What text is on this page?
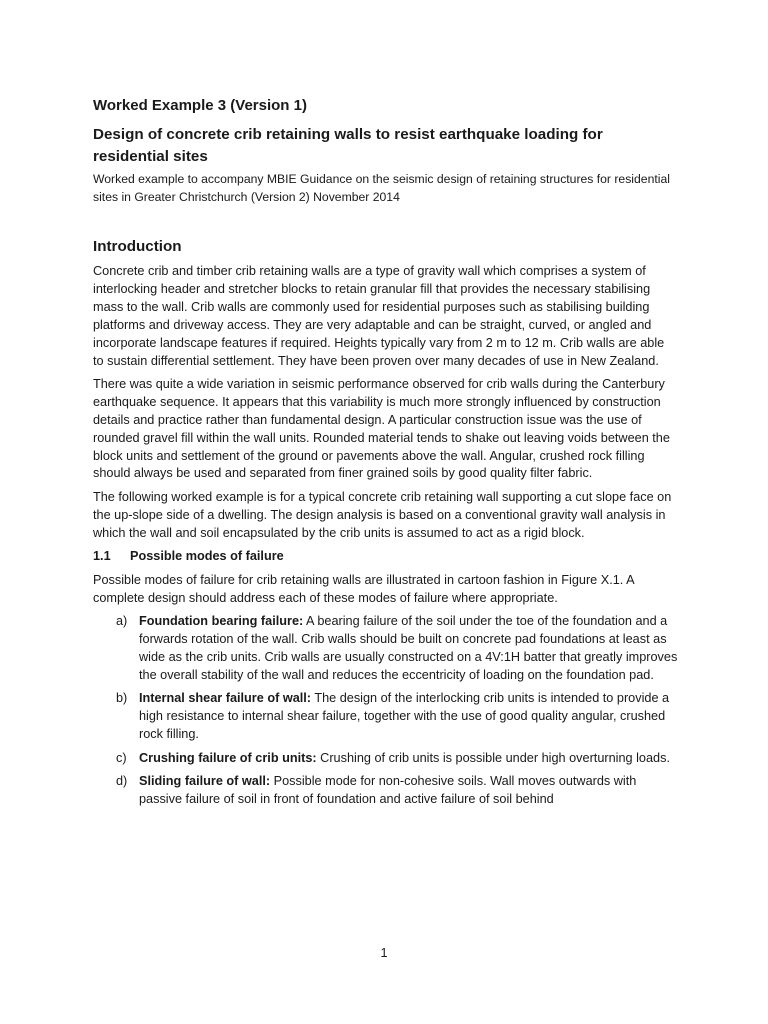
Worked Example 3 (Version 1)
Design of concrete crib retaining walls to resist earthquake loading for residential sites
Worked example to accompany MBIE Guidance on the seismic design of retaining structures for residential sites in Greater Christchurch (Version 2) November 2014
Introduction

Concrete crib and timber crib retaining walls are a type of gravity wall which comprises a system of interlocking header and stretcher blocks to retain granular fill that provides the necessary stabilising mass to the wall. Crib walls are commonly used for residential purposes such as stabilising building platforms and driveway access. They are very adaptable and can be straight, curved, or angled and incorporate landscape features if required. Heights typically vary from 2 m to 12 m. Crib walls are able to sustain differential settlement. They have been proven over many decades of use in New Zealand.

There was quite a wide variation in seismic performance observed for crib walls during the Canterbury earthquake sequence. It appears that this variability is much more strongly influenced by construction details and practice rather than fundamental design. A particular construction issue was the use of rounded gravel fill within the wall units. Rounded material tends to shake out leaving voids between the block units and settlement of the ground or pavements above the wall. Angular, crushed rock filling should always be used and separated from finer grained soils by good quality filter fabric.

The following worked example is for a typical concrete crib retaining wall supporting a cut slope face on the up-slope side of a dwelling. The design analysis is based on a conventional gravity wall analysis in which the wall and soil encapsulated by the crib units is assumed to act as a rigid block.

1.1	Possible modes of failure

Possible modes of failure for crib retaining walls are illustrated in cartoon fashion in Figure X.1. A complete design should address each of these modes of failure where appropriate.

a) Foundation bearing failure: A bearing failure of the soil under the toe of the foundation and a forwards rotation of the wall. Crib walls should be built on concrete pad foundations at least as wide as the crib units. Crib walls are usually constructed on a 4V:1H batter that greatly improves the overall stability of the wall and reduces the eccentricity of loading on the foundation pad.
b) Internal shear failure of wall: The design of the interlocking crib units is intended to provide a high resistance to internal shear failure, together with the use of good quality angular, crushed rock filling.
c) Crushing failure of crib units: Crushing of crib units is possible under high overturning loads.
d) Sliding failure of wall: Possible mode for non-cohesive soils. Wall moves outwards with passive failure of soil in front of foundation and active failure of soil behind
1
